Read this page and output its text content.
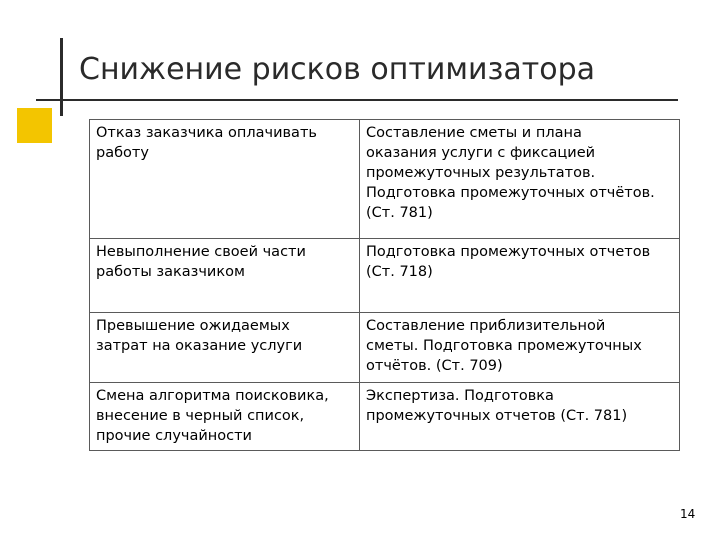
Снижение рисков оптимизатора
Отказ заказчика оплачивать
работу	Составление сметы и плана
оказания услуги с фиксацией
промежуточных результатов.
Подготовка промежуточных отчётов.
(Ст. 781)

Невыполнение своей части
работы заказчиком	Подготовка промежуточных отчетов
(Ст. 718)

Превышение ожидаемых
затрат на оказание услуги	Составление приблизительной
сметы. Подготовка промежуточных
отчётов. (Ст. 709)

Смена алгоритма поисковика,
внесение в черный список,
прочие случайности	Экспертиза. Подготовка
промежуточных отчетов (Ст. 781)
14
